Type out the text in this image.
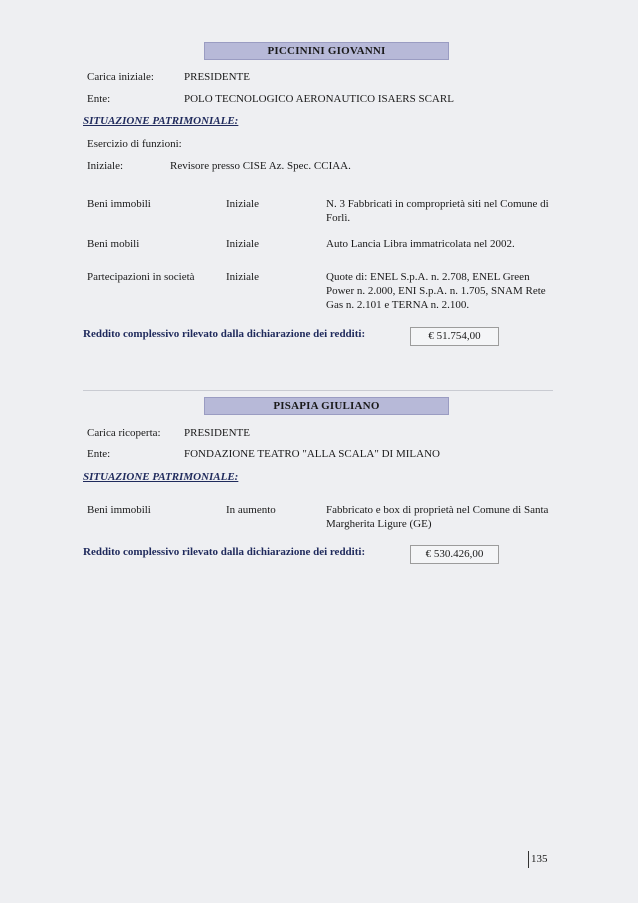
PICCININI GIOVANNI
Carica iniziale:	PRESIDENTE
Ente:	POLO TECNOLOGICO AERONAUTICO ISAERS SCARL
SITUAZIONE PATRIMONIALE:
Esercizio di funzioni:
Iniziale:	Revisore presso CISE Az. Spec. CCIAA.
Beni immobili	Iniziale	N. 3 Fabbricati in comproprietà siti nel Comune di Forlì.
Beni mobili	Iniziale	Auto Lancia Libra immatricolata nel 2002.
Partecipazioni in società	Iniziale	Quote di: ENEL S.p.A. n. 2.708, ENEL Green Power n. 2.000, ENI S.p.A. n. 1.705, SNAM Rete Gas n. 2.101 e TERNA n. 2.100.
Reddito complessivo rilevato dalla dichiarazione dei redditi:	€ 51.754,00
PISAPIA GIULIANO
Carica ricoperta: PRESIDENTE
Ente:	FONDAZIONE TEATRO "ALLA SCALA" DI MILANO
SITUAZIONE PATRIMONIALE:
Beni immobili	In aumento	Fabbricato e box di proprietà nel Comune di Santa Margherita Ligure (GE)
Reddito complessivo rilevato dalla dichiarazione dei redditi:	€ 530.426,00
135
